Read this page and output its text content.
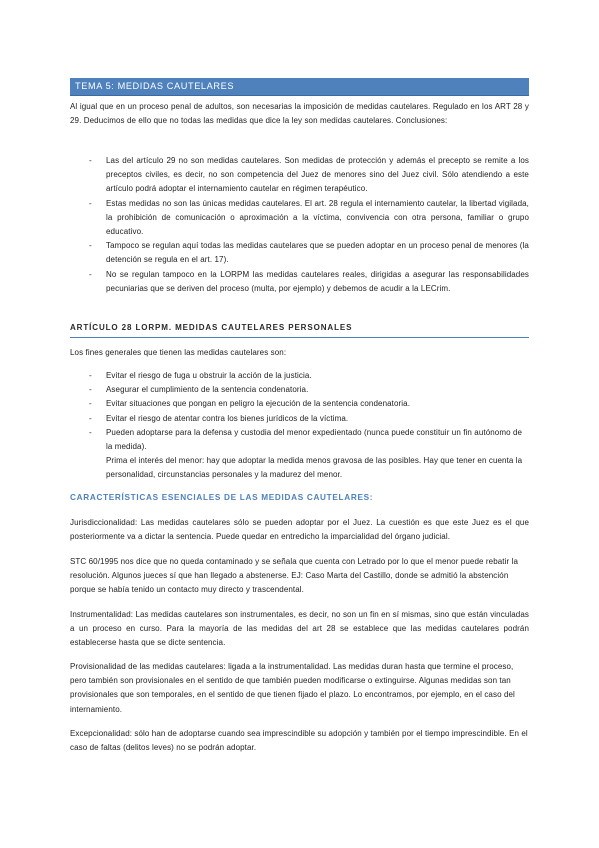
TEMA 5: MEDIDAS CAUTELARES
Al igual que en un proceso penal de adultos, son necesarias la imposición de medidas cautelares. Regulado en los ART 28 y 29. Deducimos de ello que no todas las medidas que dice la ley son medidas cautelares. Conclusiones:
- Las del artículo 29 no son medidas cautelares. Son medidas de protección y además el precepto se remite a los preceptos civiles, es decir, no son competencia del Juez de menores sino del Juez civil. Sólo atendiendo a este artículo podrá adoptar el internamiento cautelar en régimen terapéutico.
- Estas medidas no son las únicas medidas cautelares. El art. 28 regula el internamiento cautelar, la libertad vigilada, la prohibición de comunicación o aproximación a la víctima, convivencia con otra persona, familiar o grupo educativo.
- Tampoco se regulan aquí todas las medidas cautelares que se pueden adoptar en un proceso penal de menores (la detención se regula en el art. 17).
- No se regulan tampoco en la LORPM las medidas cautelares reales, dirigidas a asegurar las responsabilidades pecuniarias que se deriven del proceso (multa, por ejemplo) y debemos de acudir a la LECrim.
ARTÍCULO 28 LORPM. MEDIDAS CAUTELARES PERSONALES
Los fines generales que tienen las medidas cautelares son:
- Evitar el riesgo de fuga u obstruir la acción de la justicia.
- Asegurar el cumplimiento de la sentencia condenatoria.
- Evitar situaciones que pongan en peligro la ejecución de la sentencia condenatoria.
- Evitar el riesgo de atentar contra los bienes jurídicos de la víctima.
- Pueden adoptarse para la defensa y custodia del menor expedientado (nunca puede constituir un fin autónomo de la medida).
Prima el interés del menor: hay que adoptar la medida menos gravosa de las posibles. Hay que tener en cuenta la personalidad, circunstancias personales y la madurez del menor.
CARACTERÍSTICAS ESENCIALES DE LAS MEDIDAS CAUTELARES:
Jurisdiccionalidad: Las medidas cautelares sólo se pueden adoptar por el Juez. La cuestión es que este Juez es el que posteriormente va a dictar la sentencia. Puede quedar en entredicho la imparcialidad del órgano judicial.
STC 60/1995 nos dice que no queda contaminado y se señala que cuenta con Letrado por lo que el menor puede rebatir la resolución. Algunos jueces sí que han llegado a abstenerse. EJ: Caso Marta del Castillo, donde se admitió la abstención porque se había tenido un contacto muy directo y trascendental.
Instrumentalidad: Las medidas cautelares son instrumentales, es decir, no son un fin en sí mismas, sino que están vinculadas a un proceso en curso. Para la mayoría de las medidas del art 28 se establece que las medidas cautelares podrán establecerse hasta que se dicte sentencia.
Provisionalidad de las medidas cautelares: ligada a la instrumentalidad. Las medidas duran hasta que termine el proceso, pero también son provisionales en el sentido de que también pueden modificarse o extinguirse. Algunas medidas son tan provisionales que son temporales, en el sentido de que tienen fijado el plazo. Lo encontramos, por ejemplo, en el caso del internamiento.
Excepcionalidad: sólo han de adoptarse cuando sea imprescindible su adopción y también por el tiempo imprescindible. En el caso de faltas (delitos leves) no se podrán adoptar.
